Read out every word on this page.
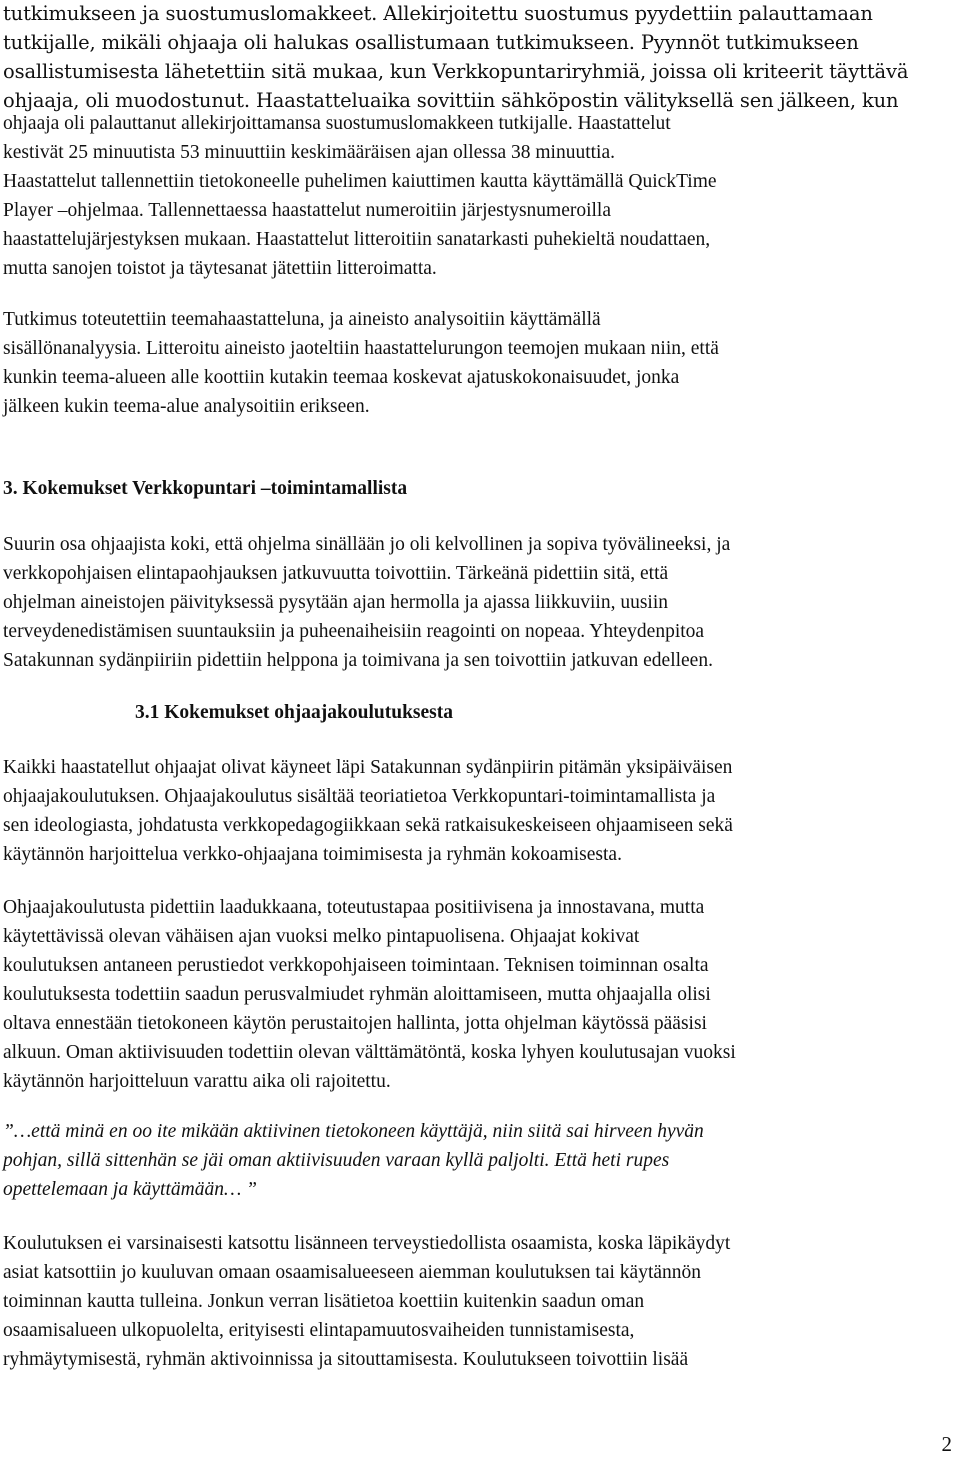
tutkimukseen ja suostumuslomakkeet. Allekirjoitettu suostumus pyydettiin palauttamaan
tutkijalle, mikäli ohjaaja oli halukas osallistumaan tutkimukseen. Pyynnöt tutkimukseen
osallistumisesta lähetettiin sitä mukaa, kun Verkkopuntariryhmiä, joissa oli kriteerit täyttävä
ohjaaja, oli muodostunut. Haastatteluaika sovittiin sähköpostin välityksellä sen jälkeen, kun
ohjaaja oli palauttanut allekirjoittamansa suostumuslomakkeen tutkijalle. Haastattelut
kestivät 25 minuutista 53 minuuttiin keskimääräisen ajan ollessa 38 minuuttia.
Haastattelut tallennettiin tietokoneelle puhelimen kaiuttimen kautta käyttämällä QuickTime
Player –ohjelmaa. Tallennettaessa haastattelut numeroitiin järjestysnumeroilla
haastattelujärjestyksen mukaan. Haastattelut litteroitiin sanatarkasti puhekieltä noudattaen,
mutta sanojen toistot ja täytesanat jätettiin litteroimatta.
Tutkimus toteutettiin teemahaastatteluna, ja aineisto analysoitiin käyttämällä
sisällönanalyysia. Litteroitu aineisto jaoteltiin haastattelurungon teemojen mukaan niin, että
kunkin teema-alueen alle koottiin kutakin teemaa koskevat ajatuskokonaisuudet, jonka
jälkeen kukin teema-alue analysoitiin erikseen.
3. Kokemukset Verkkopuntari –toimintamallista
Suurin osa ohjaajista koki, että ohjelma sinällään jo oli kelvollinen ja sopiva työvälineeksi, ja
verkkopohjaisen elintapaohjauksen jatkuvuutta toivottiin. Tärkeänä pidettiin sitä, että
ohjelman aineistojen päivityksessä pysytään ajan hermolla ja ajassa liikkuviin, uusiin
terveydenedistämisen suuntauksiin ja puheenaiheisiin reagointi on nopeaa. Yhteydenpitoa
Satakunnan sydänpiiriin pidettiin helppona ja toimivana ja sen toivottiin jatkuvan edelleen.
3.1 Kokemukset ohjaajakoulutuksesta
Kaikki haastatellut ohjaajat olivat käyneet läpi Satakunnan sydänpiirin pitämän yksipäiväisen
ohjaajakoulutuksen. Ohjaajakoulutus sisältää teoriatietoa Verkkopuntari-toimintamallista ja
sen ideologiasta, johdatusta verkkopedagogiikkaan sekä ratkaisukeskeiseen ohjaamiseen sekä
käytännön harjoittelua verkko-ohjaajana toimimisesta ja ryhmän kokoamisesta.
Ohjaajakoulutusta pidettiin laadukkaana, toteutustapaa positiivisena ja innostavana, mutta
käytettävissä olevan vähäisen ajan vuoksi melko pintapuolisena. Ohjaajat kokivat
koulutuksen antaneen perustiedot verkkopohjaiseen toimintaan. Teknisen toiminnan osalta
koulutuksesta todettiin saadun perusvalmiudet ryhmän aloittamiseen, mutta ohjaajalla olisi
oltava ennestään tietokoneen käytön perustaitojen hallinta, jotta ohjelman käytössä pääsisi
alkuun. Oman aktiivisuuden todettiin olevan välttämätöntä, koska lyhyen koulutusajan vuoksi
käytännön harjoitteluun varattu aika oli rajoitettu.
”…että minä en oo ite mikään aktiivinen tietokoneen käyttäjä, niin siitä sai hirveen hyvän
pohjan, sillä sittenhän se jäi oman aktiivisuuden varaan kyllä paljolti. Että heti rupes
opettelemaan ja käyttämään… ”
Koulutuksen ei varsinaisesti katsottu lisänneen terveystiedollista osaamista, koska läpikäydyt
asiat katsottiin jo kuuluvan omaan osaamisalueeseen aiemman koulutuksen tai käytännön
toiminnan kautta tulleina. Jonkun verran lisätietoa koettiin kuitenkin saadun oman
osaamisalueen ulkopuolelta, erityisesti elintapamuutosvaiheiden tunnistamisesta,
ryhmäytymisestä, ryhmän aktivoinnissa ja sitouttamisesta. Koulutukseen toivottiin lisää
2
